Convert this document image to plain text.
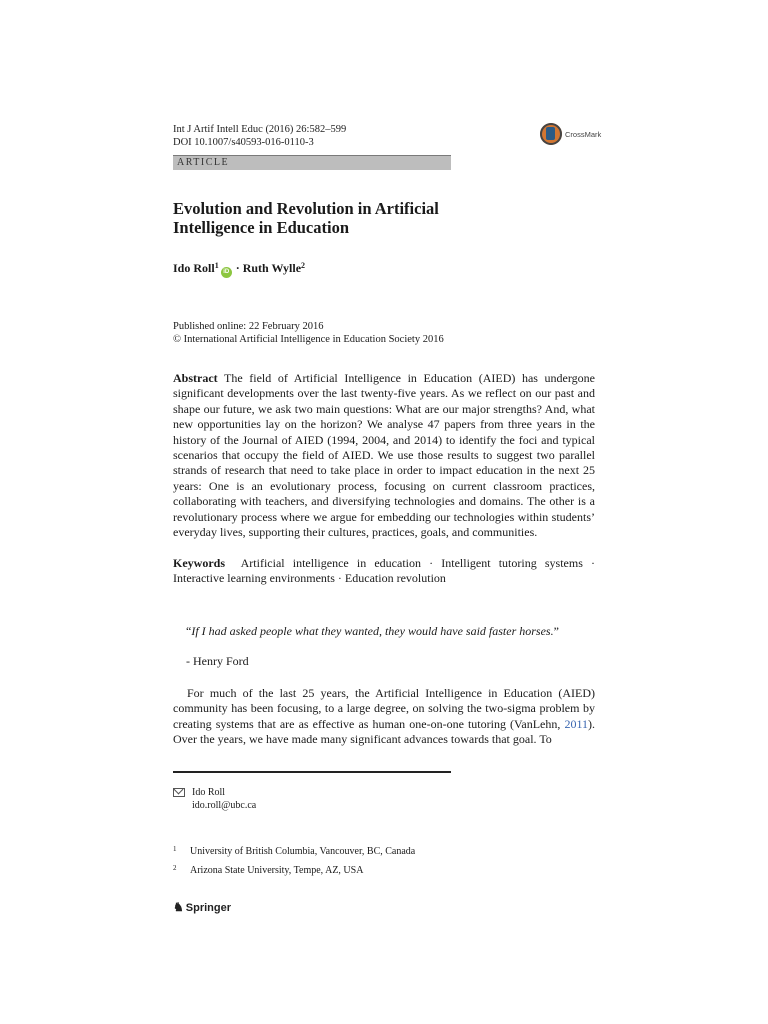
Int J Artif Intell Educ (2016) 26:582–599
DOI 10.1007/s40593-016-0110-3
CrossMark
ARTICLE
Evolution and Revolution in Artificial Intelligence in Education
Ido Roll$^1$iD · Ruth Wylle$^2$
Published online: 22 February 2016
© International Artificial Intelligence in Education Society 2016
Abstract The field of Artificial Intelligence in Education (AIED) has undergone significant developments over the last twenty-five years. As we reflect on our past and shape our future, we ask two main questions: What are our major strengths? And, what new opportunities lay on the horizon? We analyse 47 papers from three years in the history of the Journal of AIED (1994, 2004, and 2014) to identify the foci and typical scenarios that occupy the field of AIED. We use those results to suggest two parallel strands of research that need to take place in order to impact education in the next 25 years: One is an evolutionary process, focusing on current classroom practices, collaborating with teachers, and diversifying technologies and domains. The other is a revolutionary process where we argue for embedding our technologies within students’ everyday lives, supporting their cultures, practices, goals, and communities.
Keywords Artificial intelligence in education · Intelligent tutoring systems · Interactive learning environments · Education revolution
“If I had asked people what they wanted, they would have said faster horses.”
- Henry Ford
For much of the last 25 years, the Artificial Intelligence in Education (AIED) community has been focusing, to a large degree, on solving the two-sigma problem by creating systems that are as effective as human one-on-one tutoring (VanLehn, 2011). Over the years, we have made many significant advances towards that goal. To
Ido Roll
ido.roll@ubc.ca
1 University of British Columbia, Vancouver, BC, Canada
2 Arizona State University, Tempe, AZ, USA
♞ Springer
